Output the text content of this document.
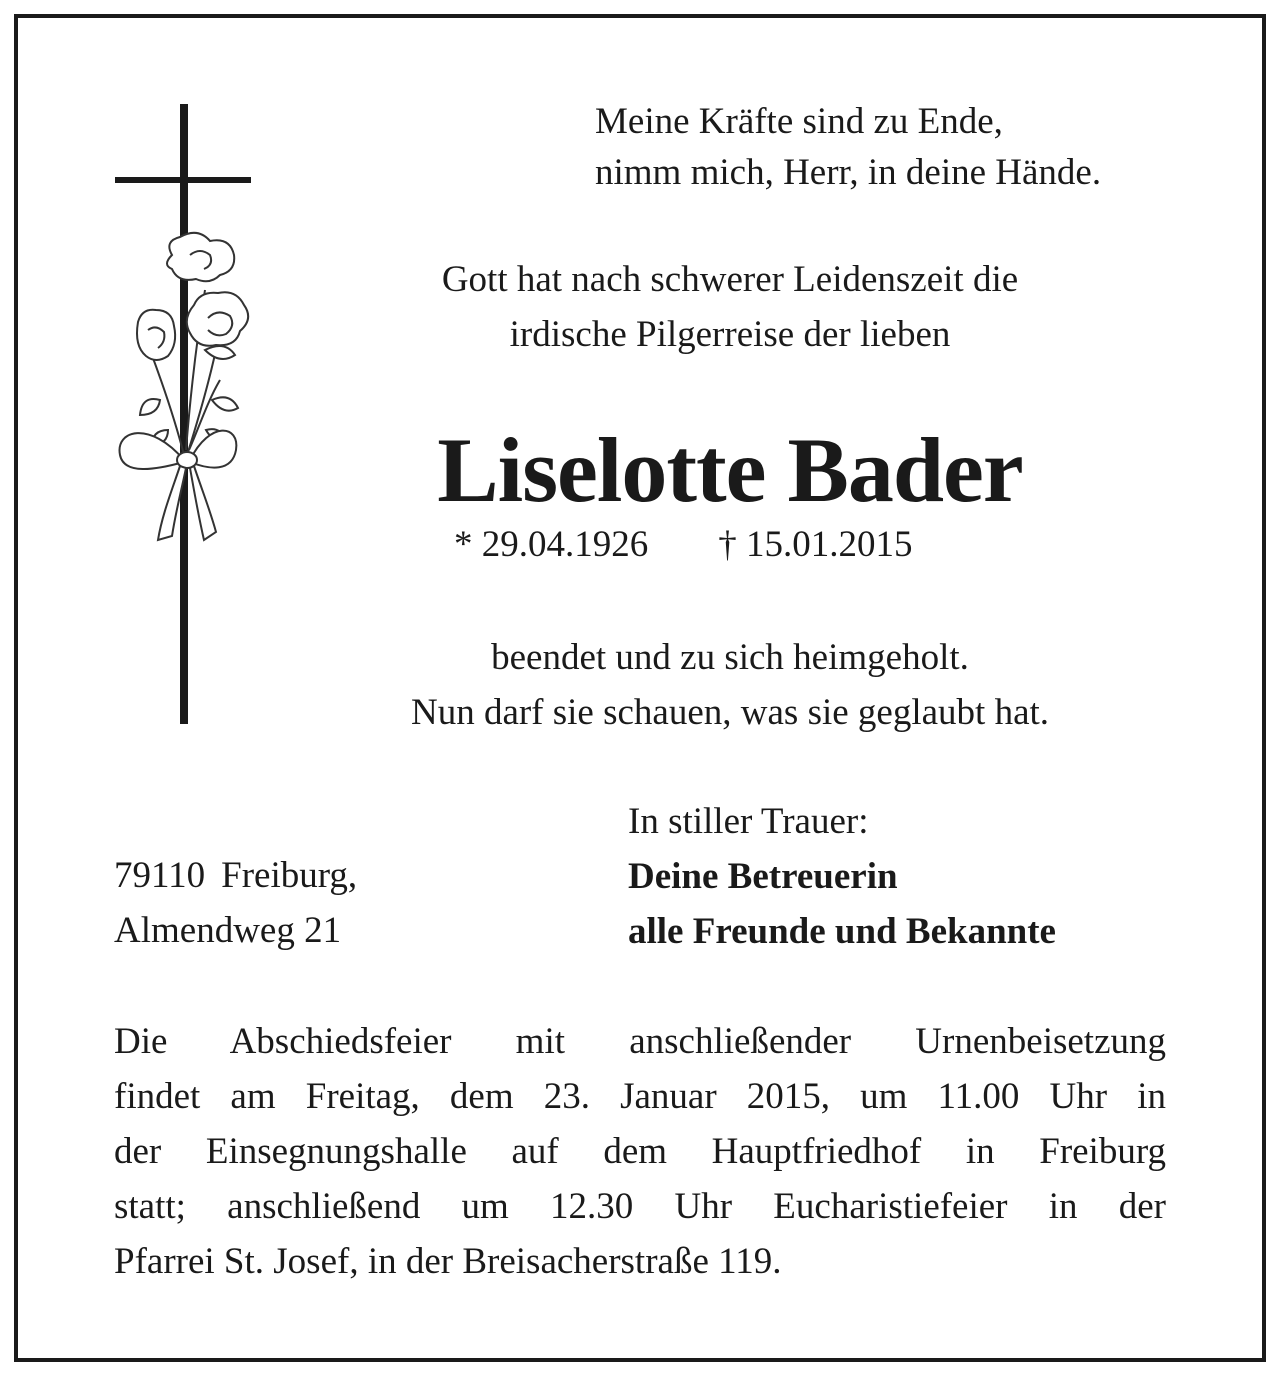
Meine Kräfte sind zu Ende,
nimm mich, Herr, in deine Hände.
Gott hat nach schwerer Leidenszeit die
irdische Pilgerreise der lieben
Liselotte Bader
* 29.04.1926 † 15.01.2015
beendet und zu sich heimgeholt.
Nun darf sie schauen, was sie geglaubt hat.
79110 Freiburg,
Almendweg 21
In stiller Trauer:
Deine Betreuerin
alle Freunde und Bekannte
Die Abschiedsfeier mit anschließender Urnenbeisetzung
findet am Freitag, dem 23. Januar 2015, um 11.00 Uhr in
der Einsegnungshalle auf dem Hauptfriedhof in Freiburg
statt; anschließend um 12.30 Uhr Eucharistiefeier in der
Pfarrei St. Josef, in der Breisacherstraße 119.
